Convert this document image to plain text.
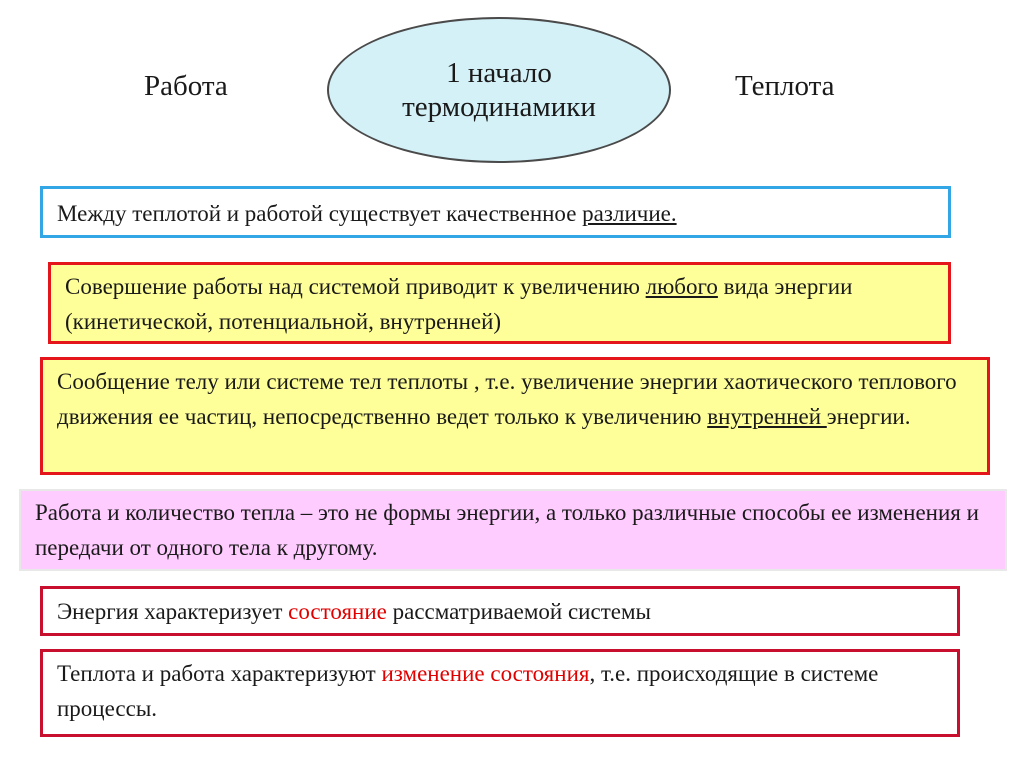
Работа	1 начало
термодинамики
Теплота
Между теплотой и работой существует качественное различие.
Совершение работы над системой приводит к увеличению любого вида энергии (кинетической, потенциальной, внутренней)
Сообщение телу или системе тел теплоты , т.е. увеличение энергии хаотического теплового движения ее частиц, непосредственно ведет только к увеличению внутренней энергии.
Работа и количество тепла – это не формы энергии, а только различные способы ее изменения и передачи от одного тела к другому.
Энергия характеризует состояние рассматриваемой системы
Теплота и работа характеризуют изменение состояния, т.е. происходящие в системе процессы.
